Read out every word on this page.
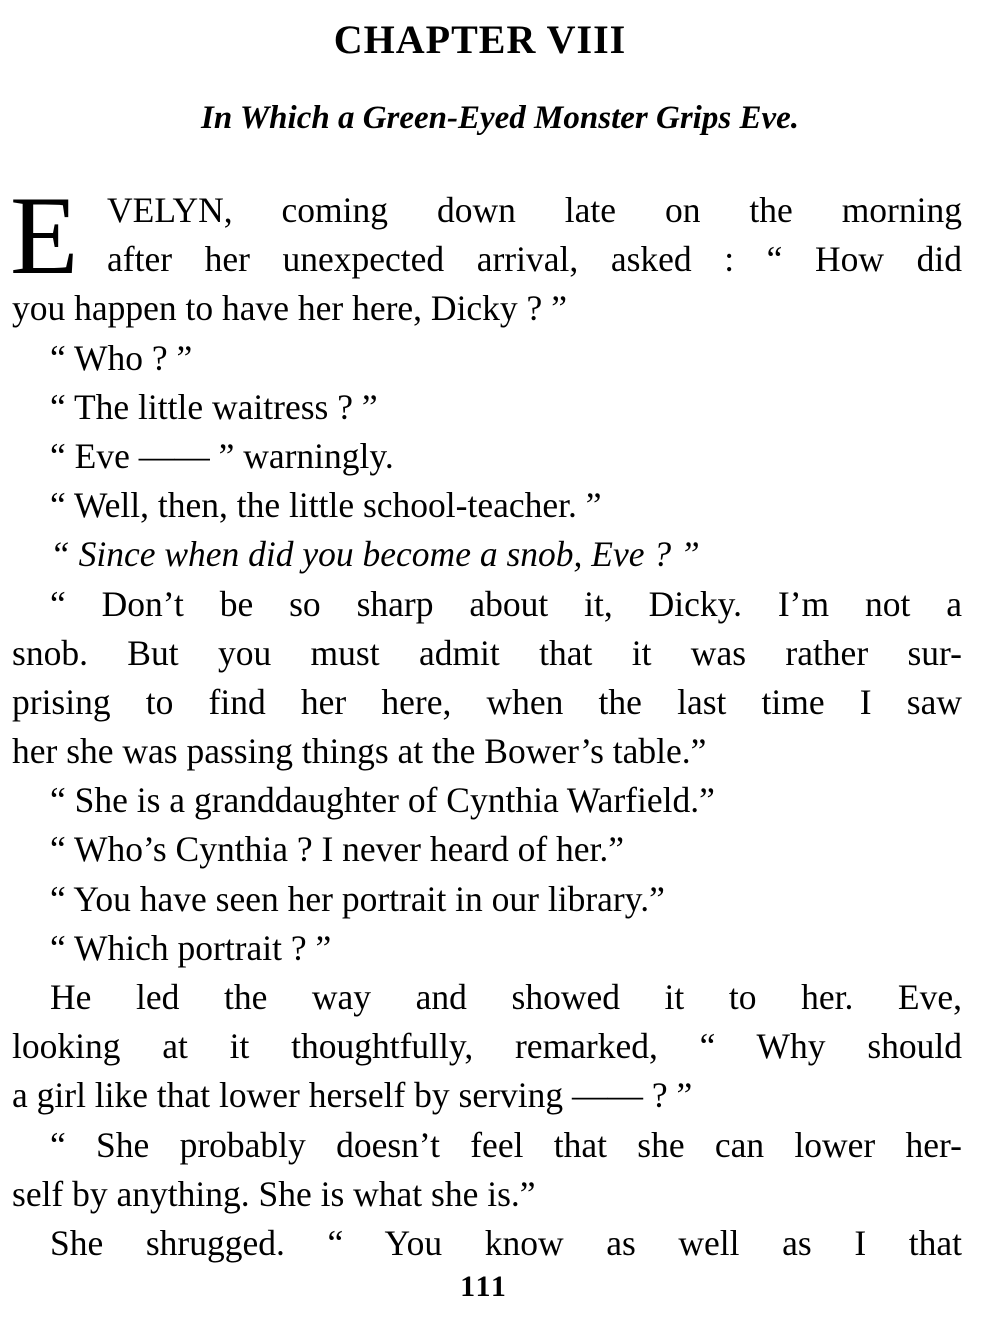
CHAPTER VIII
In Which a Green-Eyed Monster Grips Eve.
E VELYN, coming down late on the morning
after her unexpected arrival, asked : “ How did
you happen to have her here, Dicky ? ”
“ Who ? ”
“ The little waitress ? ”
“ Eve —— ” warningly.
“ Well, then, the little school-teacher. ”
“ Since when did you become a snob, Eve ? ”
“ Don’t be so sharp about it, Dicky. I’m not a
snob. But you must admit that it was rather sur-
prising to find her here, when the last time I saw
her she was passing things at the Bower’s table.”
“ She is a granddaughter of Cynthia Warfield.”
“ Who’s Cynthia ? I never heard of her.”
“ You have seen her portrait in our library.”
“ Which portrait ? ”
He led the way and showed it to her. Eve,
looking at it thoughtfully, remarked, “ Why should
a girl like that lower herself by serving —— ? ”
“ She probably doesn’t feel that she can lower her-
self by anything. She is what she is.”
She shrugged. “ You know as well as I that
111
